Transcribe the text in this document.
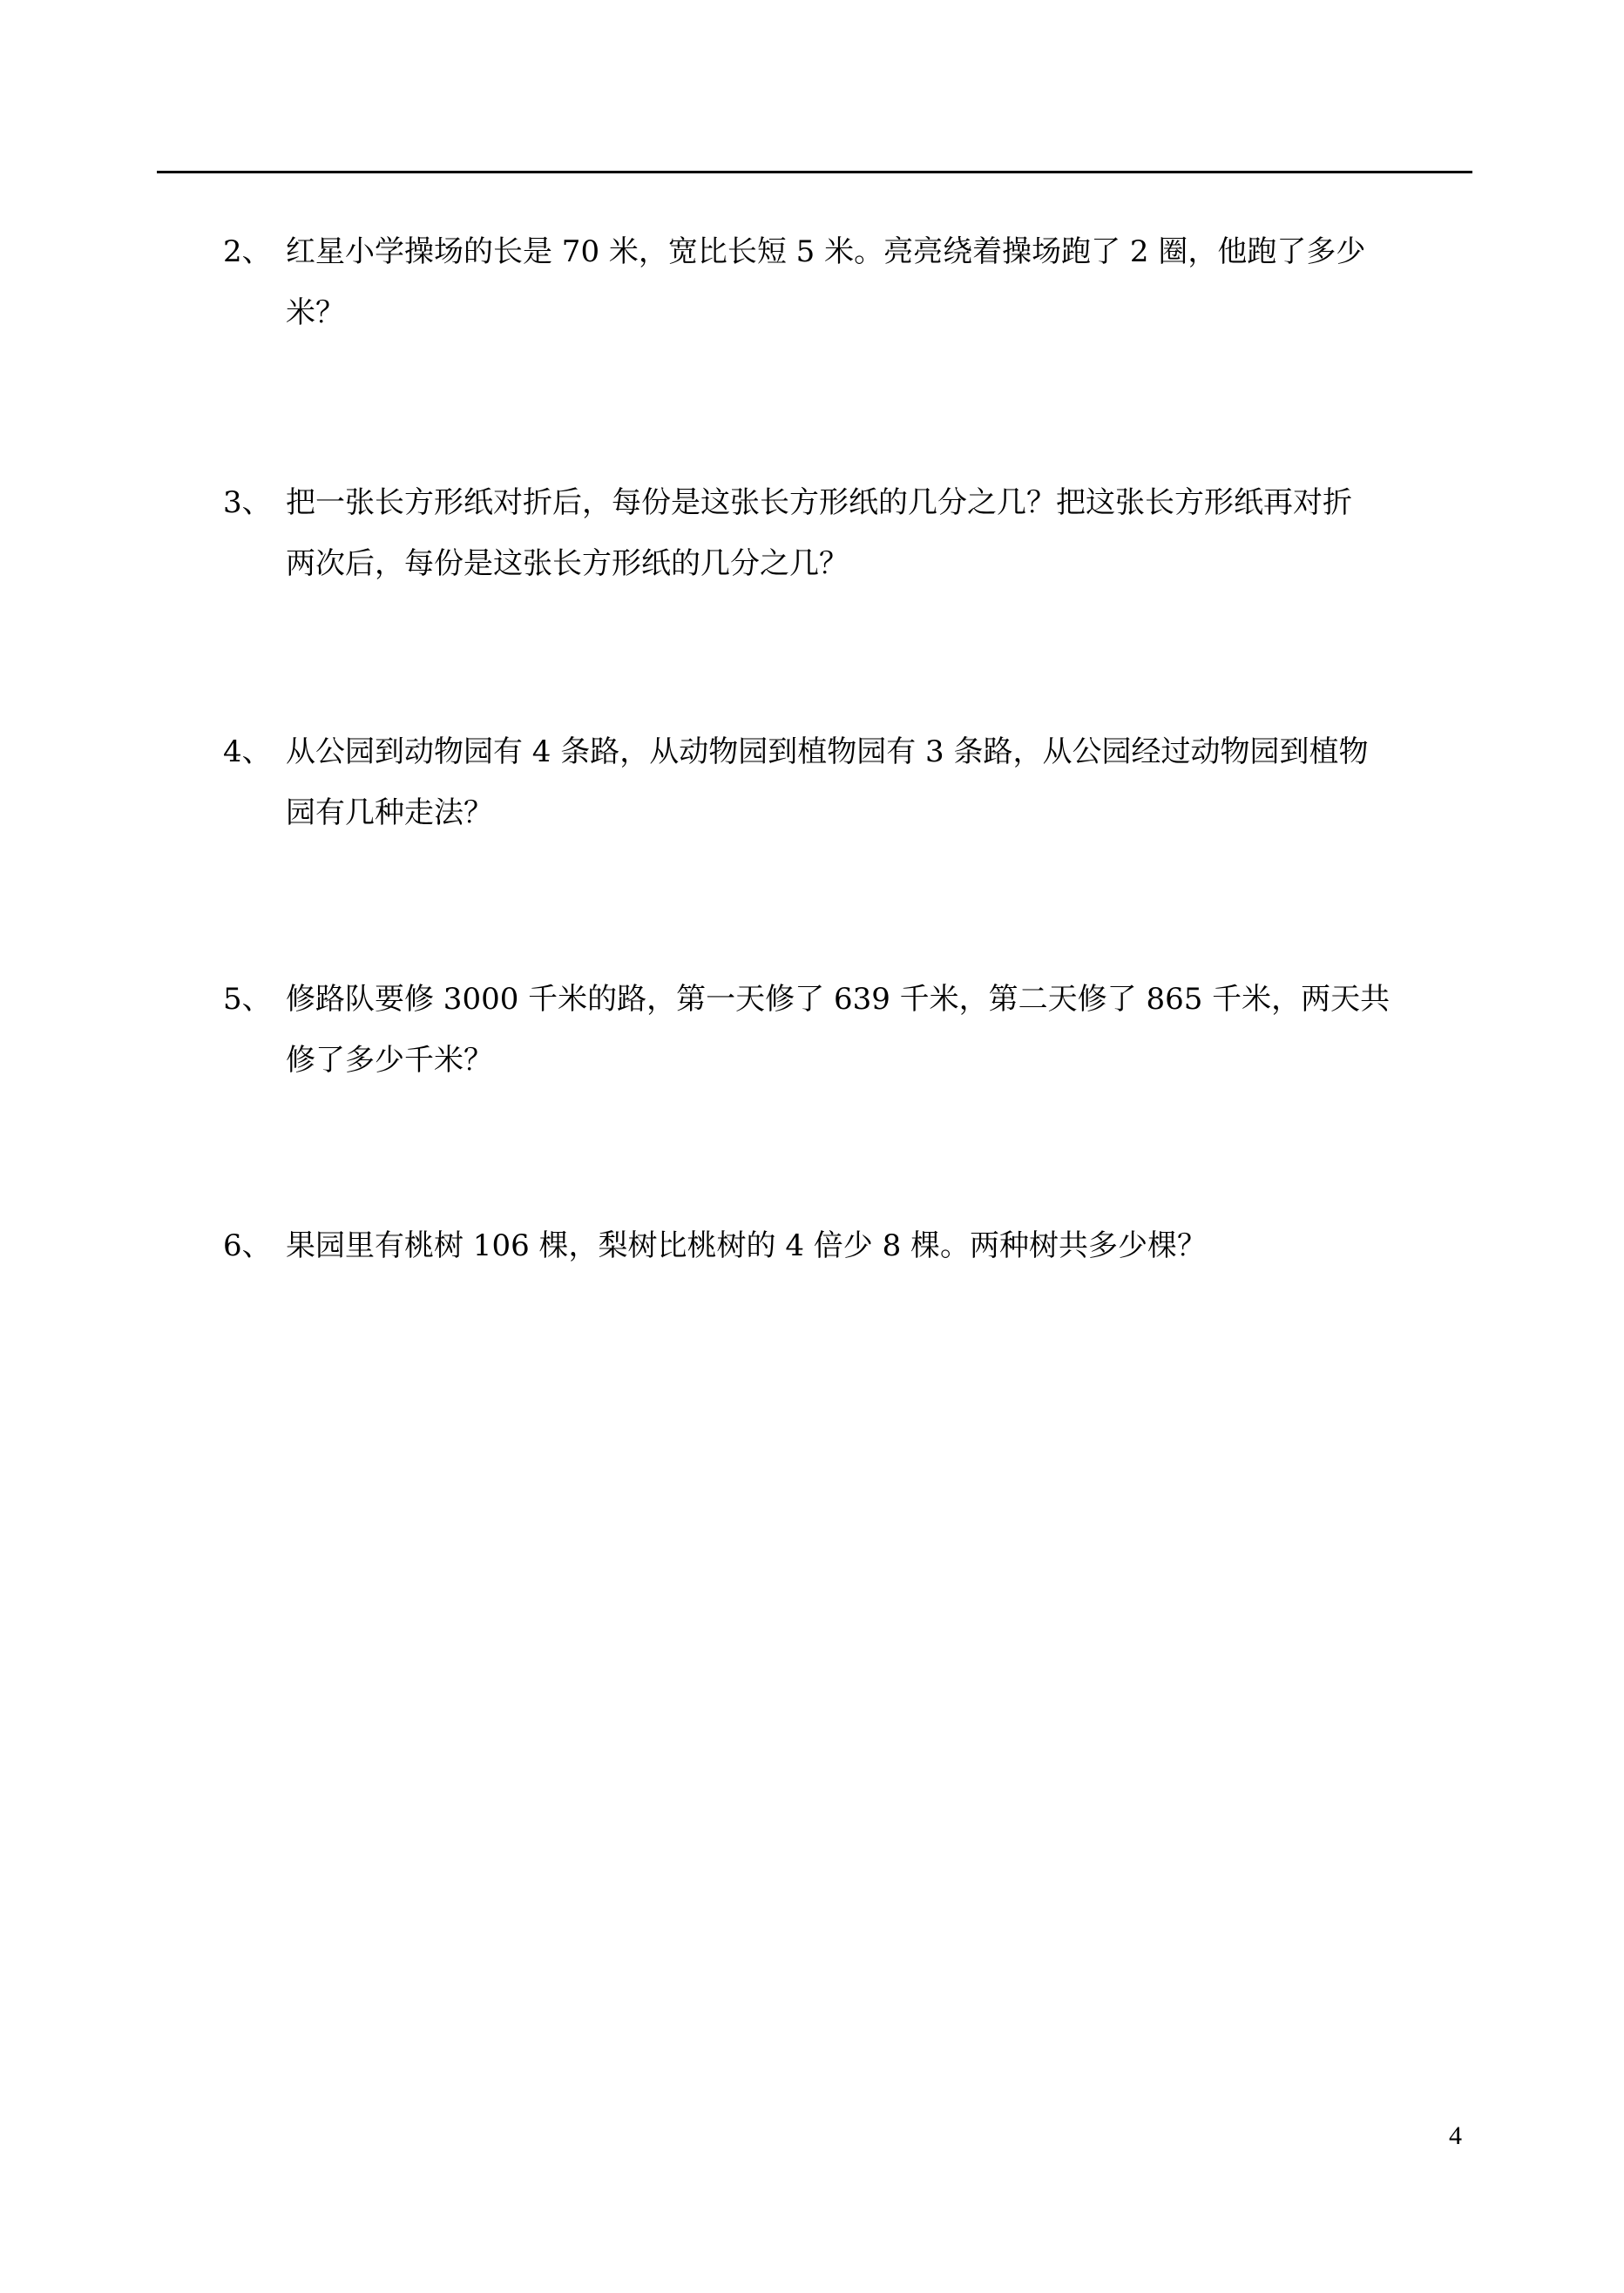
2、 红星小学操场的长是 70 米，宽比长短 5 米。亮亮绕着操场跑了 2 圈，他跑了多少
米？
3、 把一张长方形纸对折后，每份是这张长方形纸的几分之几？把这张长方形纸再对折
两次后，每份是这张长方形纸的几分之几？
4、 从公园到动物园有 4 条路，从动物园到植物园有 3 条路，从公园经过动物园到植物
园有几种走法？
5、 修路队要修 3000 千米的路，第一天修了 639 千米，第二天修了 865 千米，两天共
修了多少千米？
6、 果园里有桃树 106 棵，梨树比桃树的 4 倍少 8 棵。两种树共多少棵？
4
